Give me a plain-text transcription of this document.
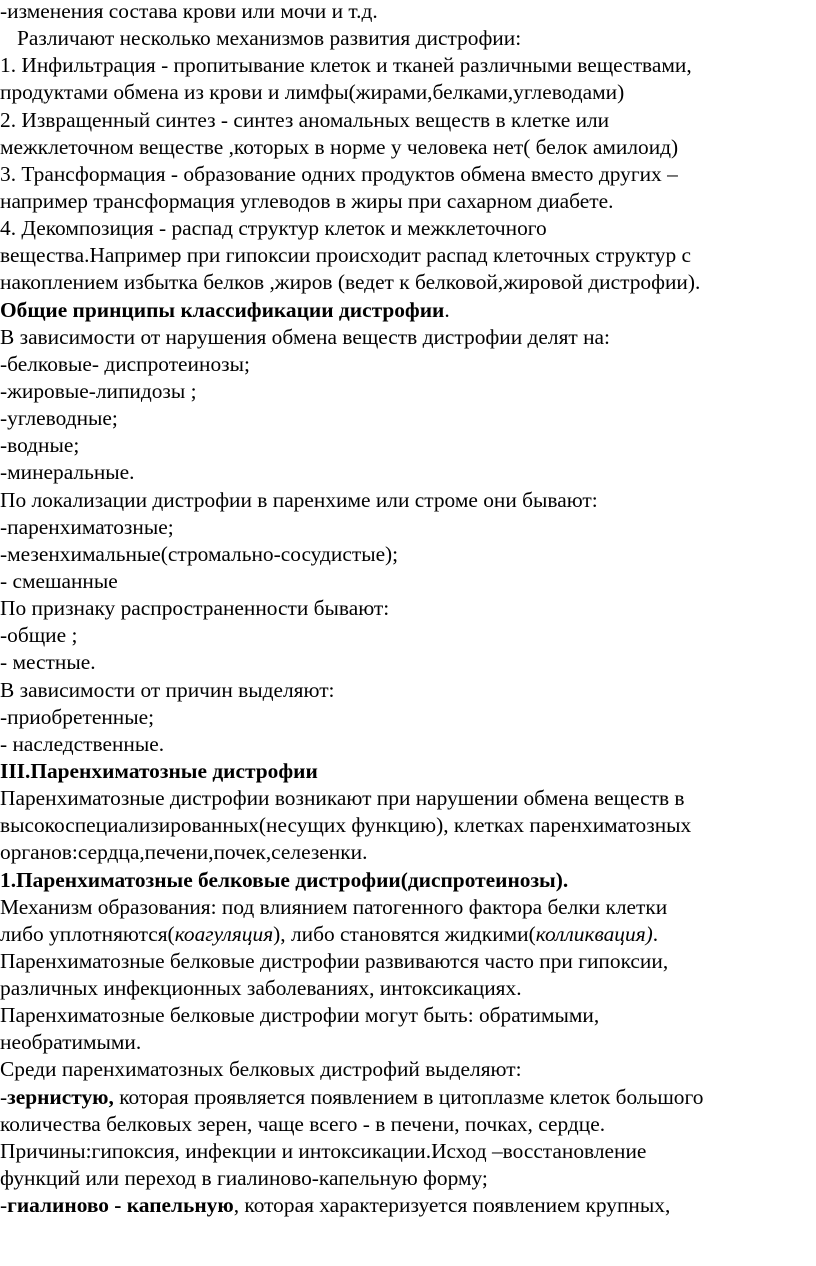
-изменения состава крови или мочи и т.д.
Различают несколько механизмов развития дистрофии:
1. Инфильтрация - пропитывание клеток и тканей различными веществами,
продуктами обмена из крови и лимфы(жирами,белками,углеводами)
2. Извращенный синтез - синтез аномальных веществ в клетке или
межклеточном веществе ,которых в норме у человека нет( белок амилоид)
3. Трансформация - образование одних продуктов обмена вместо других –
например трансформация углеводов в жиры при сахарном диабете.
4. Декомпозиция - распад структур клеток и межклеточного
вещества.Например при гипоксии происходит распад клеточных структур с
накоплением избытка белков ,жиров (ведет к белковой,жировой дистрофии).
Общие принципы классификации дистрофии.
В зависимости от нарушения обмена веществ дистрофии делят на:
-белковые- диспротеинозы;
-жировые-липидозы ;
-углеводные;
-водные;
-минеральные.
По локализации дистрофии в паренхиме или строме они бывают:
-паренхиматозные;
-мезенхимальные(стромально-сосудистые);
- смешанные
По признаку распространенности бывают:
-общие ;
- местные.
В зависимости от причин выделяют:
-приобретенные;
- наследственные.
III.Паренхиматозные дистрофии
Паренхиматозные дистрофии возникают при нарушении обмена веществ в
высокоспециализированных(несущих функцию), клетках паренхиматозных
органов:сердца,печени,почек,селезенки.
1.Паренхиматозные белковые дистрофии(диспротеинозы).
Механизм образования: под влиянием патогенного фактора белки клетки
либо уплотняются(коагуляция), либо становятся жидкими(колликвация).
Паренхиматозные белковые дистрофии развиваются часто при гипоксии,
различных инфекционных заболеваниях, интоксикациях.
Паренхиматозные белковые дистрофии могут быть: обратимыми,
необратимыми.
Среди паренхиматозных белковых дистрофий выделяют:
-зернистую, которая проявляется появлением в цитоплазме клеток большого
количества белковых зерен, чаще всего - в печени, почках, сердце.
Причины:гипоксия, инфекции и интоксикации.Исход –восстановление
функций или переход в гиалиново-капельную форму;
-гиалиново - капельную, которая характеризуется появлением крупных,
